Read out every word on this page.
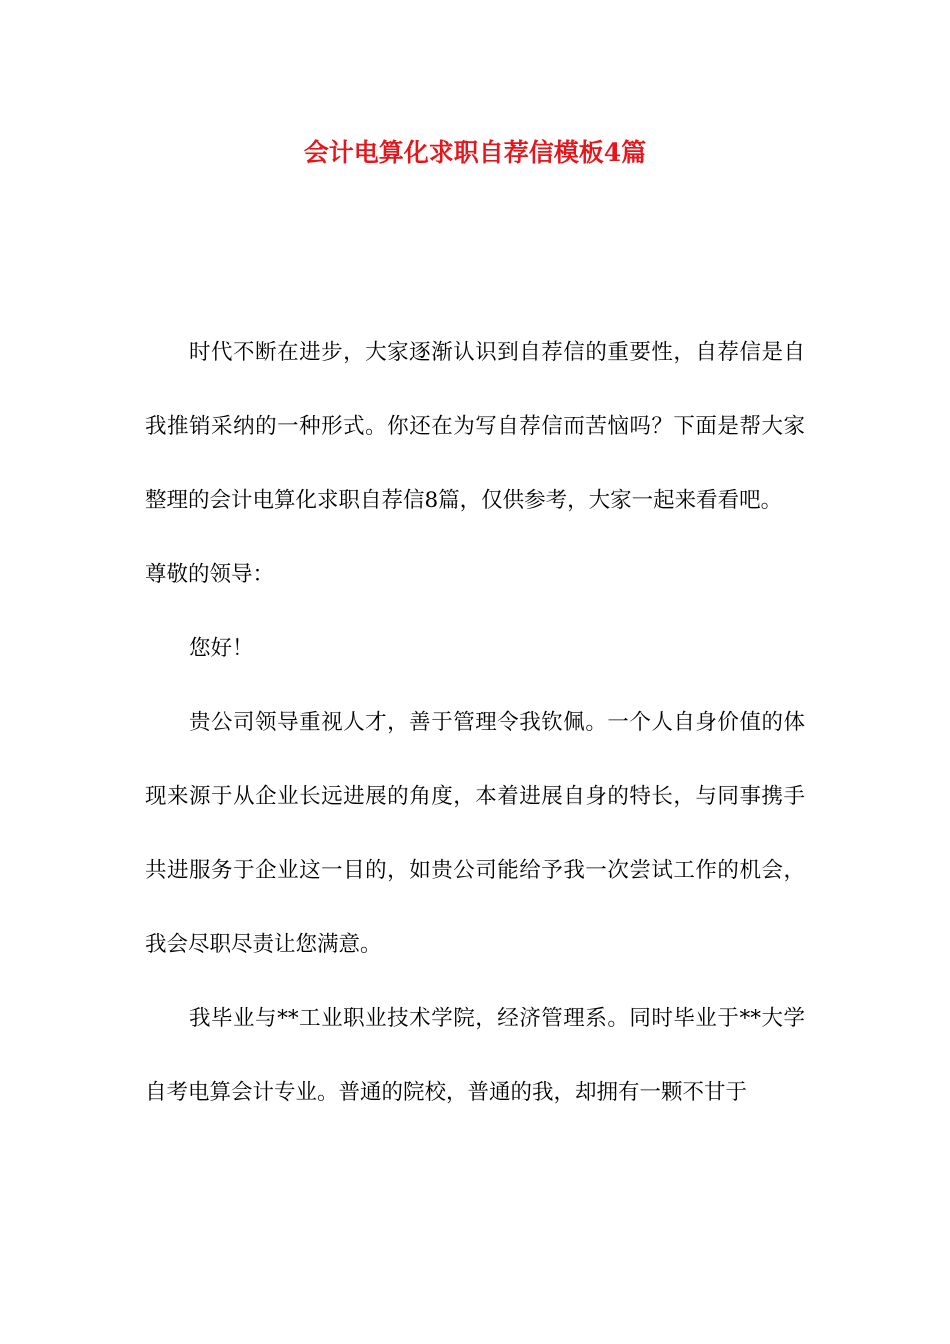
会计电算化求职自荐信模板4篇

时代不断在进步，大家逐渐认识到自荐信的重要性，自荐信是自我推销采纳的一种形式。你还在为写自荐信而苦恼吗？下面是帮大家整理的会计电算化求职自荐信8篇，仅供参考，大家一起来看看吧。

尊敬的领导：

您好！

贵公司领导重视人才，善于管理令我钦佩。一个人自身价值的体现来源于从企业长远进展的角度，本着进展自身的特长，与同事携手共进服务于企业这一目的，如贵公司能给予我一次尝试工作的机会，我会尽职尽责让您满意。

我毕业与**工业职业技术学院，经济管理系。同时毕业于**大学自考电算会计专业。普通的院校，普通的我，却拥有一颗不甘于
